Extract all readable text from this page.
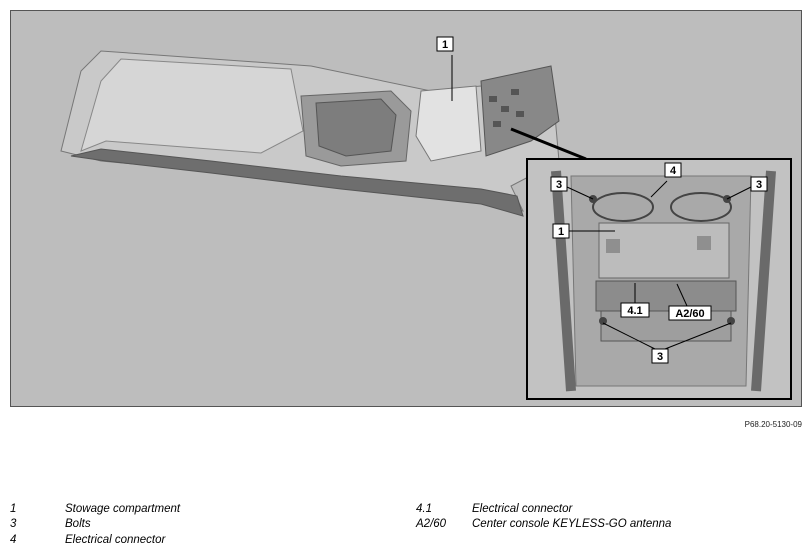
1
4
3	3
1
4.1	A2/60
3
P68.20-5130-09
1	Stowage compartment
3	Bolts
4	Electrical connector
4.1	Electrical connector
A2/60 Center console KEYLESS-GO antenna
